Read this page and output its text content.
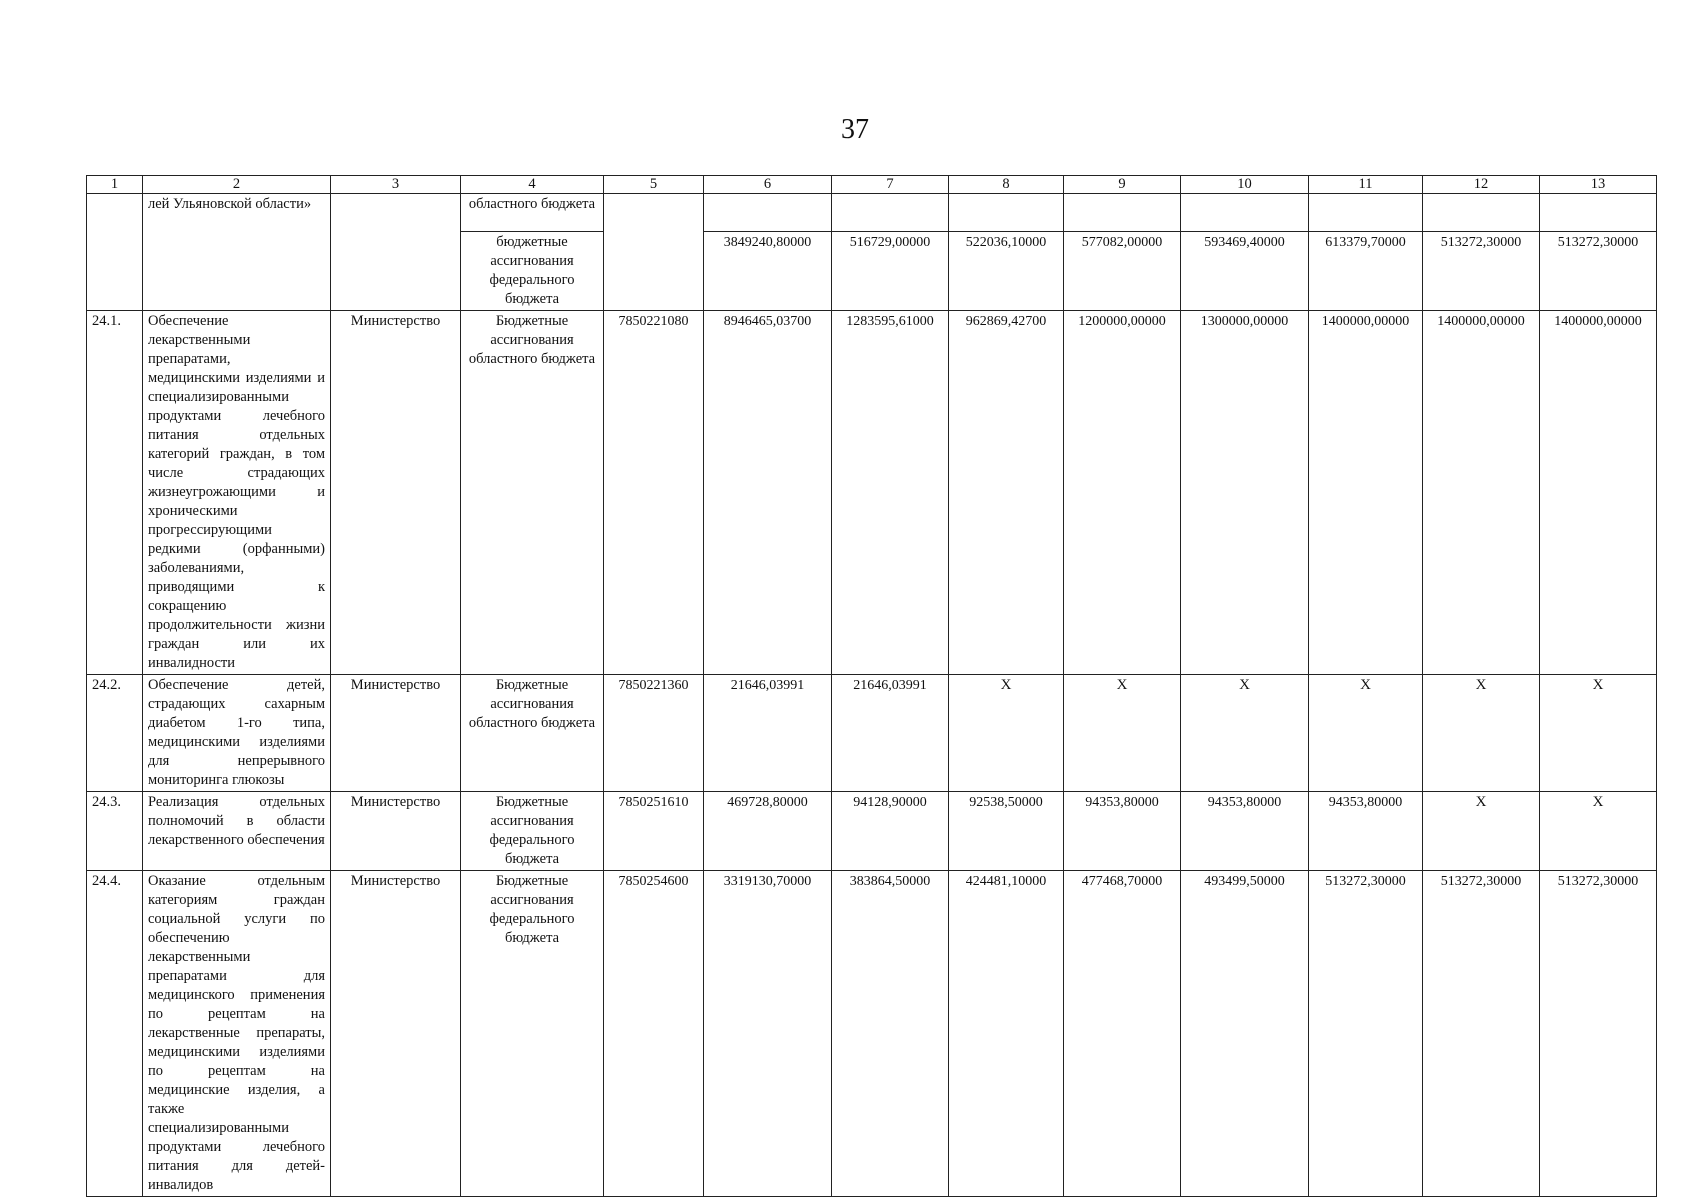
37
1	2	3	4	5	6	7	8	9	10	11	12	13
	лей Ульяновской области»		областного бюджета									
			бюджетные ассигнования федерального бюджета		3849240,80000	516729,00000	522036,10000	577082,00000	593469,40000	613379,70000	513272,30000	513272,30000
24.1.	Обеспечение лекарственными препаратами, медицинскими изделиями и специализированными продуктами лечебного питания отдельных категорий граждан, в том числе страдающих жизнеугрожающими и хроническими прогрессирующими редкими (орфанными) заболеваниями, приводящими к сокращению продолжительности жизни граждан или их инвалидности	Министерство	Бюджетные ассигнования областного бюджета	7850221080	8946465,03700	1283595,61000	962869,42700	1200000,00000	1300000,00000	1400000,00000	1400000,00000	1400000,00000
24.2.	Обеспечение детей, страдающих сахарным диабетом 1-го типа, медицинскими изделиями для непрерывного мониторинга глюкозы	Министерство	Бюджетные ассигнования областного бюджета	7850221360	21646,03991	21646,03991	X	X	X	X	X	X
24.3.	Реализация отдельных полномочий в области лекарственного обеспечения	Министерство	Бюджетные ассигнования федерального бюджета	7850251610	469728,80000	94128,90000	92538,50000	94353,80000	94353,80000	94353,80000	X	X
24.4.	Оказание отдельным категориям граждан социальной услуги по обеспечению лекарственными препаратами для медицинского применения по рецептам на лекарственные препараты, медицинскими изделиями по рецептам на медицинские изделия, а также специализированными продуктами лечебного питания для детей-инвалидов	Министерство	Бюджетные ассигнования федерального бюджета	7850254600	3319130,70000	383864,50000	424481,10000	477468,70000	493499,50000	513272,30000	513272,30000	513272,30000
